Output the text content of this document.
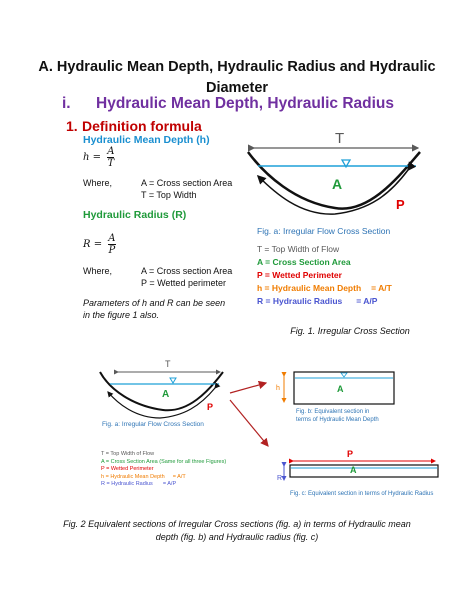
A. Hydraulic Mean Depth, Hydraulic Radius and Hydraulic
Diameter
i. Hydraulic Mean Depth, Hydraulic Radius
1. Definition formula
Hydraulic Mean Depth (h)
$h = \frac{A}{T}$
Where,	A = Cross section Area
T = Top Width
Hydraulic Radius (R)
$R = \frac{A}{P}$
Where,	A = Cross section Area
P = Wetted perimeter
Parameters of h and R can be seen in the figure 1 also.
T
A
P
Fig. a: Irregular Flow Cross Section
T = Top Width of Flow
A = Cross Section Area
P = Wetted Perimeter
h = Hydraulic Mean Depth = A/T
R = Hydraulic Radius = A/P
Fig. 1. Irregular Cross Section
T
A
P
Fig. a: Irregular Flow Cross Section
T = Top Width of Flow
A = Cross Section Area (Same for all three Figures)
P = Wetted Perimeter
h = Hydraulic Mean Depth = A/T
R = Hydraulic Radius = A/P
h	A
Fig. b: Equivalent section in
terms of Hydraulic Mean Depth
P
R
A
Fig. c: Equivalent section in terms of Hydraulic Radius
Fig. 2 Equivalent sections of Irregular Cross sections (fig. a) in terms of Hydraulic mean
depth (fig. b) and Hydraulic radius (fig. c)
